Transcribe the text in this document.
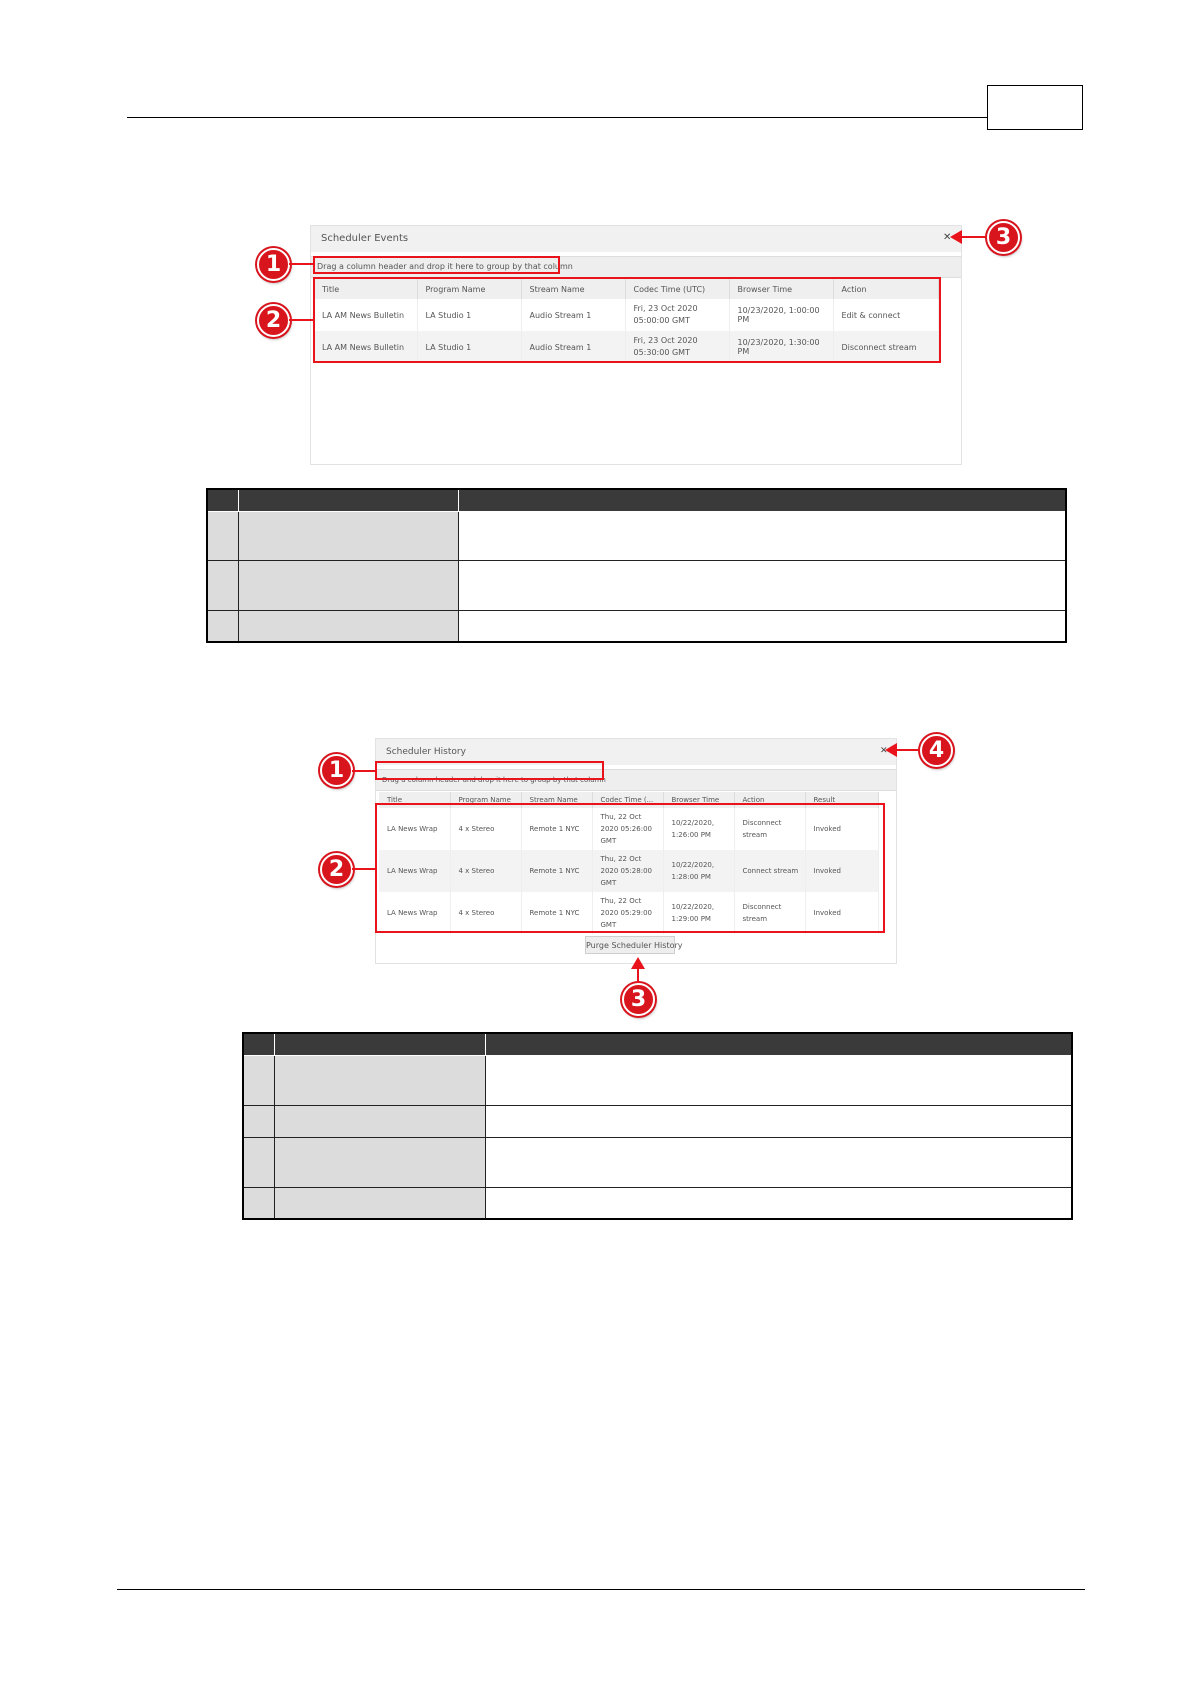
Scheduler Events	✕
Drag a column header and drop it here to group by that column
Title	Program Name	Stream Name	Codec Time (UTC)	Browser Time	Action
LA AM News Bulletin	LA Studio 1	Audio Stream 1	Fri, 23 Oct 2020 05:00:00 GMT	10/23/2020, 1:00:00 PM	Edit & connect
LA AM News Bulletin	LA Studio 1	Audio Stream 1	Fri, 23 Oct 2020 05:30:00 GMT	10/23/2020, 1:30:00 PM	Disconnect stream
1
2
3

Scheduler History	✕
Drag a column header and drop it here to group by that column
Title	Program Name	Stream Name	Codec Time (...	Browser Time	Action	Result
LA News Wrap	4 x Stereo	Remote 1 NYC	Thu, 22 Oct 2020 05:26:00 GMT	10/22/2020, 1:26:00 PM	Disconnect stream	Invoked
LA News Wrap	4 x Stereo	Remote 1 NYC	Thu, 22 Oct 2020 05:28:00 GMT	10/22/2020, 1:28:00 PM	Connect stream	Invoked
LA News Wrap	4 x Stereo	Remote 1 NYC	Thu, 22 Oct 2020 05:29:00 GMT	10/22/2020, 1:29:00 PM	Disconnect stream	Invoked
Purge Scheduler History
1
2
3
4
